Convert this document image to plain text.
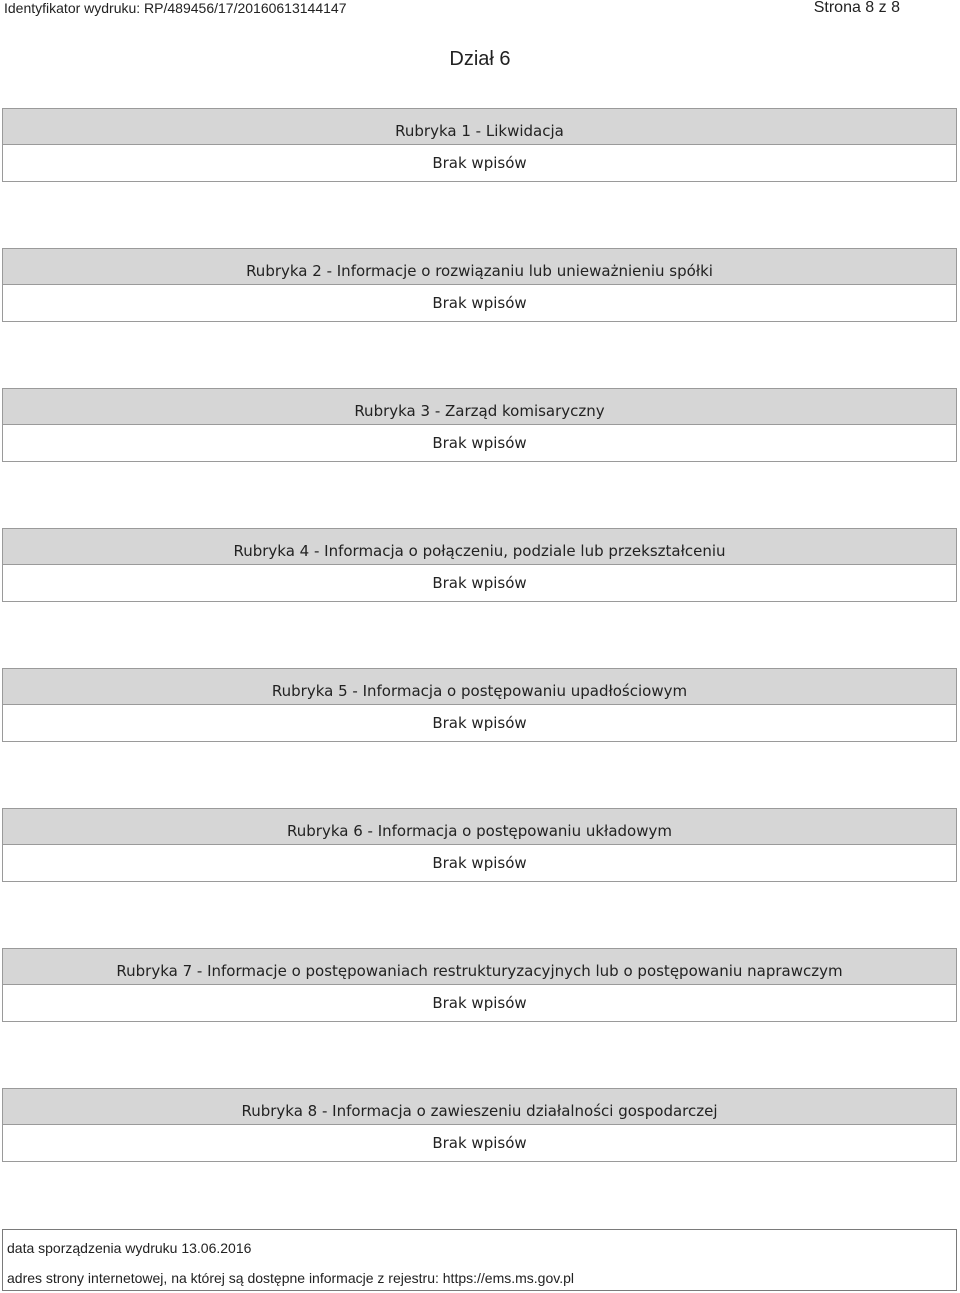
Identyfikator wydruku: RP/489456/17/20160613144147	Strona 8 z 8
Dział 6
Rubryka 1 - Likwidacja
Brak wpisów
Rubryka 2 - Informacje o rozwiązaniu lub unieważnieniu spółki
Brak wpisów
Rubryka 3 - Zarząd komisaryczny
Brak wpisów
Rubryka 4 - Informacja o połączeniu, podziale lub przekształceniu
Brak wpisów
Rubryka 5 - Informacja o postępowaniu upadłościowym
Brak wpisów
Rubryka 6 - Informacja o postępowaniu układowym
Brak wpisów
Rubryka 7 - Informacje o postępowaniach restrukturyzacyjnych lub o postępowaniu naprawczym
Brak wpisów
Rubryka 8 - Informacja o zawieszeniu działalności gospodarczej
Brak wpisów
data sporządzenia wydruku 13.06.2016
adres strony internetowej, na której są dostępne informacje z rejestru: https://ems.ms.gov.pl
